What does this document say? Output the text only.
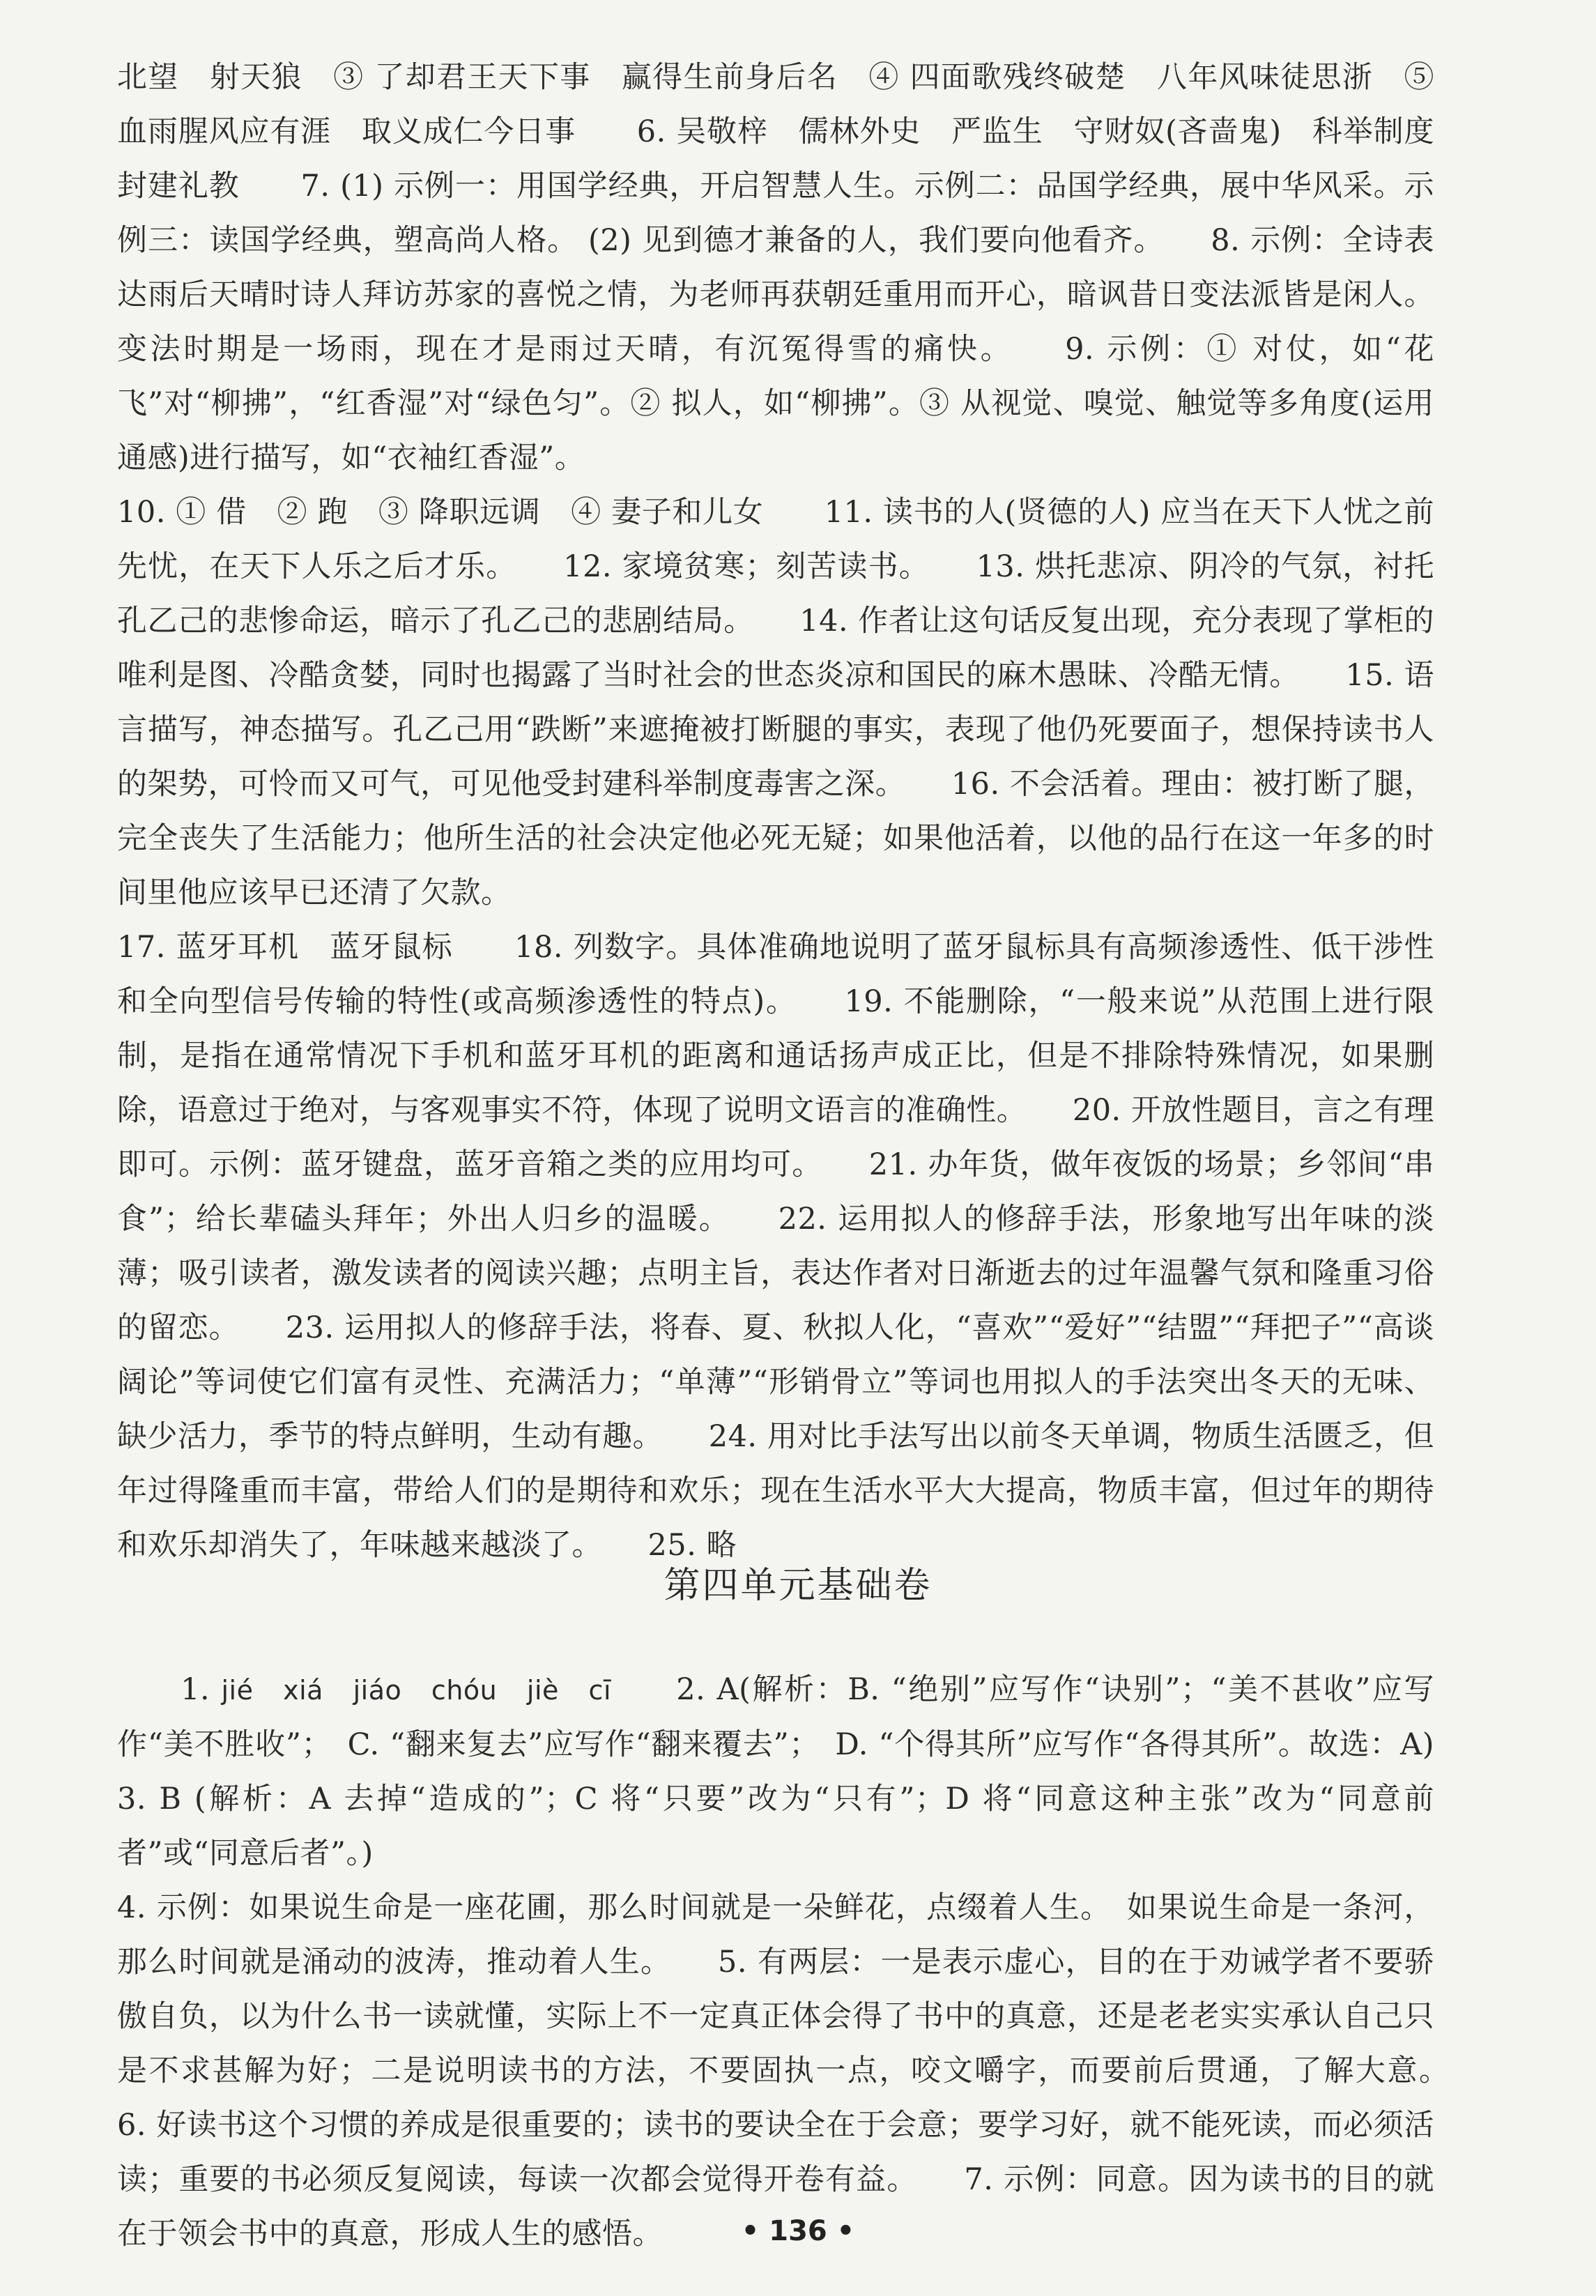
北望　射天狼　③ 了却君王天下事　赢得生前身后名　④ 四面歌残终破楚　八年风味徒思浙　⑤ 血雨腥风应有涯　取义成仁今日事　　6. 吴敬梓　儒林外史　严监生　守财奴(吝啬鬼)　科举制度　封建礼教　　7. (1) 示例一：用国学经典，开启智慧人生。示例二：品国学经典，展中华风采。示例三：读国学经典，塑高尚人格。 (2) 见到德才兼备的人，我们要向他看齐。　　8. 示例：全诗表达雨后天晴时诗人拜访苏家的喜悦之情，为老师再获朝廷重用而开心，暗讽昔日变法派皆是闲人。变法时期是一场雨，现在才是雨过天晴，有沉冤得雪的痛快。　　9. 示例：① 对仗，如“花飞”对“柳拂”，“红香湿”对“绿色匀”。② 拟人，如“柳拂”。③ 从视觉、嗅觉、触觉等多角度(运用通感)进行描写，如“衣袖红香湿”。

10. ① 借　② 跑　③ 降职远调　④ 妻子和儿女　　11. 读书的人(贤德的人) 应当在天下人忧之前先忧，在天下人乐之后才乐。　　12. 家境贫寒；刻苦读书。　　13. 烘托悲凉、阴冷的气氛，衬托孔乙己的悲惨命运，暗示了孔乙己的悲剧结局。　　14. 作者让这句话反复出现，充分表现了掌柜的唯利是图、冷酷贪婪，同时也揭露了当时社会的世态炎凉和国民的麻木愚昧、冷酷无情。　　15. 语言描写，神态描写。孔乙己用“跌断”来遮掩被打断腿的事实，表现了他仍死要面子，想保持读书人的架势，可怜而又可气，可见他受封建科举制度毒害之深。　　16. 不会活着。理由：被打断了腿，完全丧失了生活能力；他所生活的社会决定他必死无疑；如果他活着，以他的品行在这一年多的时间里他应该早已还清了欠款。

17. 蓝牙耳机　蓝牙鼠标　　18. 列数字。具体准确地说明了蓝牙鼠标具有高频渗透性、低干涉性和全向型信号传输的特性(或高频渗透性的特点)。　　19. 不能删除，“一般来说”从范围上进行限制，是指在通常情况下手机和蓝牙耳机的距离和通话扬声成正比，但是不排除特殊情况，如果删除，语意过于绝对，与客观事实不符，体现了说明文语言的准确性。　　20. 开放性题目，言之有理即可。示例：蓝牙键盘，蓝牙音箱之类的应用均可。　　21. 办年货，做年夜饭的场景；乡邻间“串食”；给长辈磕头拜年；外出人归乡的温暖。　　22. 运用拟人的修辞手法，形象地写出年味的淡薄；吸引读者，激发读者的阅读兴趣；点明主旨，表达作者对日渐逝去的过年温馨气氛和隆重习俗的留恋。　　23. 运用拟人的修辞手法，将春、夏、秋拟人化，“喜欢”“爱好”“结盟”“拜把子”“高谈阔论”等词使它们富有灵性、充满活力；“单薄”“形销骨立”等词也用拟人的手法突出冬天的无味、缺少活力，季节的特点鲜明，生动有趣。　　24. 用对比手法写出以前冬天单调，物质生活匮乏，但年过得隆重而丰富，带给人们的是期待和欢乐；现在生活水平大大提高，物质丰富，但过年的期待和欢乐却消失了，年味越来越淡了。　　25. 略

第四单元基础卷

　　1. jié　xiá　jiáo　chóu　jiè　cī　　2. A(解析：B. “绝别”应写作“诀别”；“美不甚收”应写作“美不胜收”；　C. “翻来复去”应写作“翻来覆去”；　D. “个得其所”应写作“各得其所”。故选：A)　　3. B (解析：A 去掉“造成的”；C 将“只要”改为“只有”；D 将“同意这种主张”改为“同意前者”或“同意后者”。)

4. 示例：如果说生命是一座花圃，那么时间就是一朵鲜花，点缀着人生。　如果说生命是一条河，那么时间就是涌动的波涛，推动着人生。　　5. 有两层：一是表示虚心，目的在于劝诫学者不要骄傲自负，以为什么书一读就懂，实际上不一定真正体会得了书中的真意，还是老老实实承认自己只是不求甚解为好；二是说明读书的方法，不要固执一点，咬文嚼字，而要前后贯通，了解大意。　　6. 好读书这个习惯的养成是很重要的；读书的要诀全在于会意；要学习好，就不能死读，而必须活读；重要的书必须反复阅读，每读一次都会觉得开卷有益。　　7. 示例：同意。因为读书的目的就在于领会书中的真意，形成人生的感悟。	• 136 •
